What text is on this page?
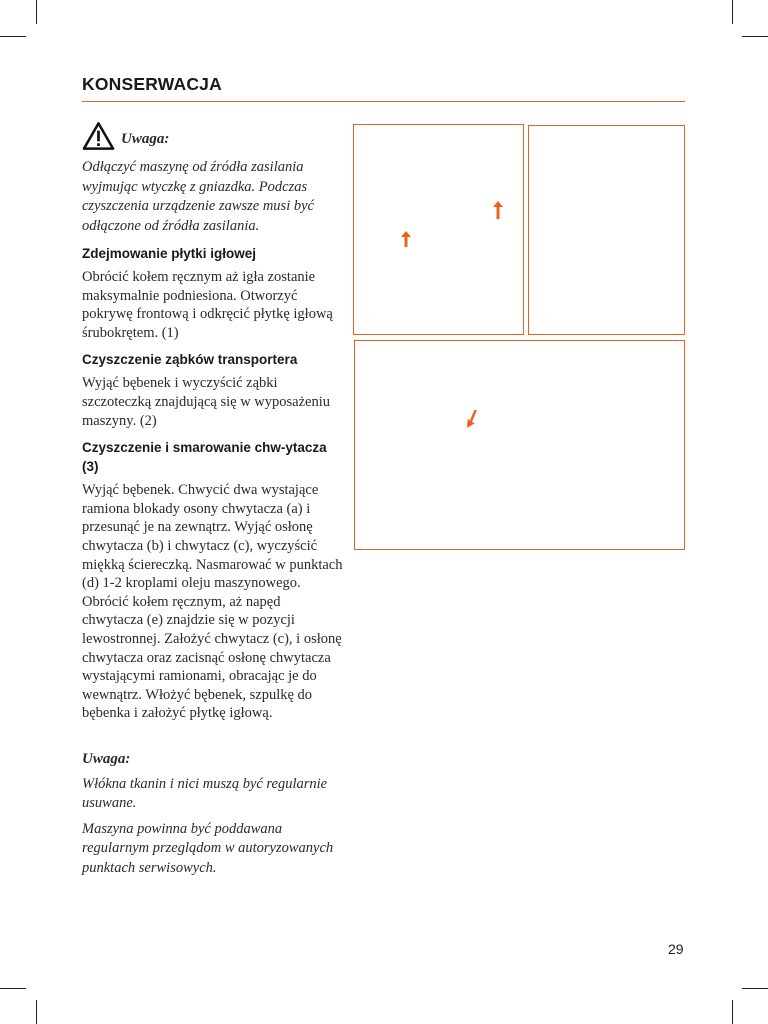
KONSERWACJA
Uwaga:

Odłączyć maszynę od źródła zasilania wyjmując wtyczkę z gniazdka. Podczas czyszczenia urządzenie zawsze musi być odłączone od źródła zasilania.

Zdejmowanie płytki igłowej

Obrócić kołem ręcznym aż igła zostanie maksymalnie podniesiona. Otworzyć pokrywę frontową i odkręcić płytkę igłową śrubokrętem. (1)

Czyszczenie ząbków transportera

Wyjąć bębenek i wyczyścić ząbki szczoteczką znajdującą się w wyposażeniu maszyny. (2)

Czyszczenie i smarowanie chw-ytacza (3)

Wyjąć bębenek. Chwycić dwa wystające ramiona blokady osony chwytacza (a) i przesunąć je na zewnątrz. Wyjąć osłonę chwytacza (b) i chwytacz (c), wyczyścić miękką ściereczką. Nasmarować w punktach (d) 1-2 kroplami oleju maszynowego. Obrócić kołem ręcznym, aż napęd chwytacza (e) znajdzie się w pozycji lewostronnej. Założyć chwytacz (c), i osłonę chwytacza oraz zacisnąć osłonę chwytacza wystającymi ramionami, obracając je do wewnątrz. Włożyć bębenek, szpulkę do bębenka i założyć płytkę igłową.

Uwaga:

Włókna tkanin i nici muszą być regularnie usuwane.

Maszyna powinna być poddawana regularnym przeglądom w autoryzowanych punktach serwisowych.

29
